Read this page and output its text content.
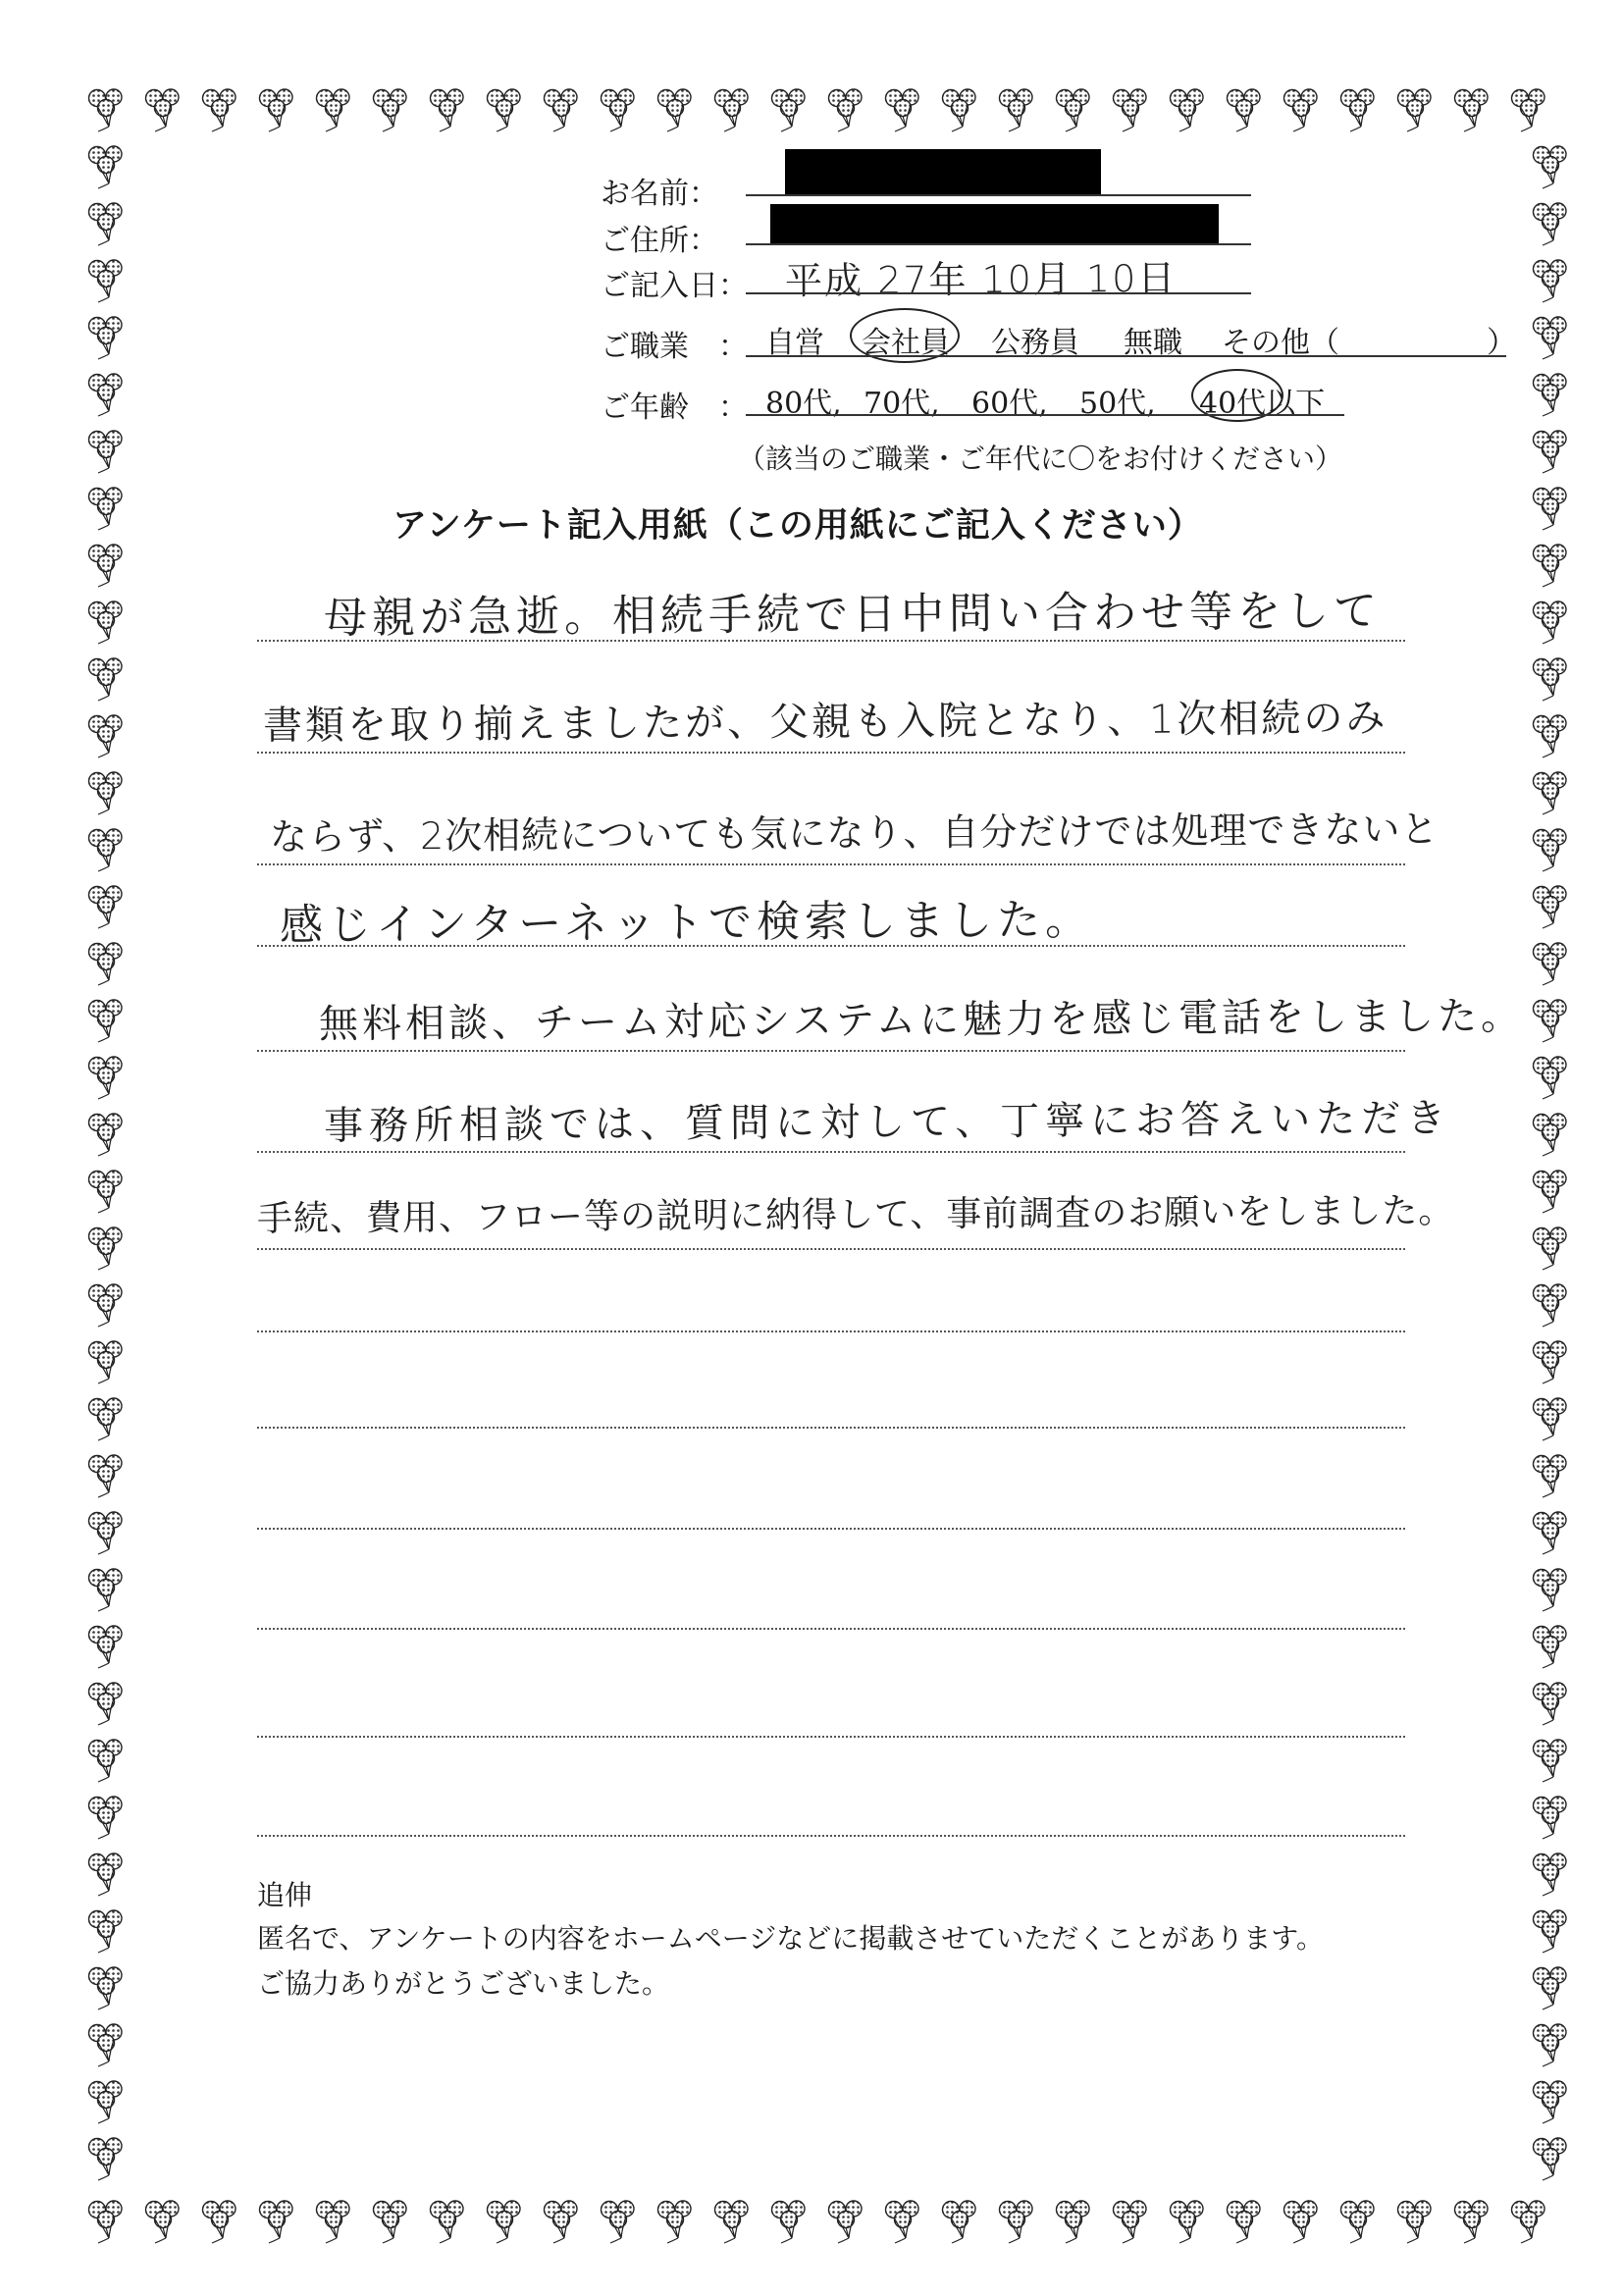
お名前：
ご住所：
ご記入日： 平成 27年 10月 10日
ご職業　： 自営 会社員 公務員 無職 その他（　　　　　）
ご年齢　： 80代, 70代, 60代, 50代, 40代以下
（該当のご職業・ご年代に〇をお付けください）
アンケート記入用紙（この用紙にご記入ください）
母親が急逝。相続手続で日中問い合わせ等をして
書類を取り揃えましたが、父親も入院となり、1次相続のみ
ならず、2次相続についても気になり、自分だけでは処理できないと
感じインターネットで検索しました。
無料相談、チーム対応システムに魅力を感じ電話をしました。
事務所相談では、質問に対して、丁寧にお答えいただき
手続、費用、フロー等の説明に納得して、事前調査のお願いをしました。
追伸
匿名で、アンケートの内容をホームページなどに掲載させていただくことがあります。
ご協力ありがとうございました。
